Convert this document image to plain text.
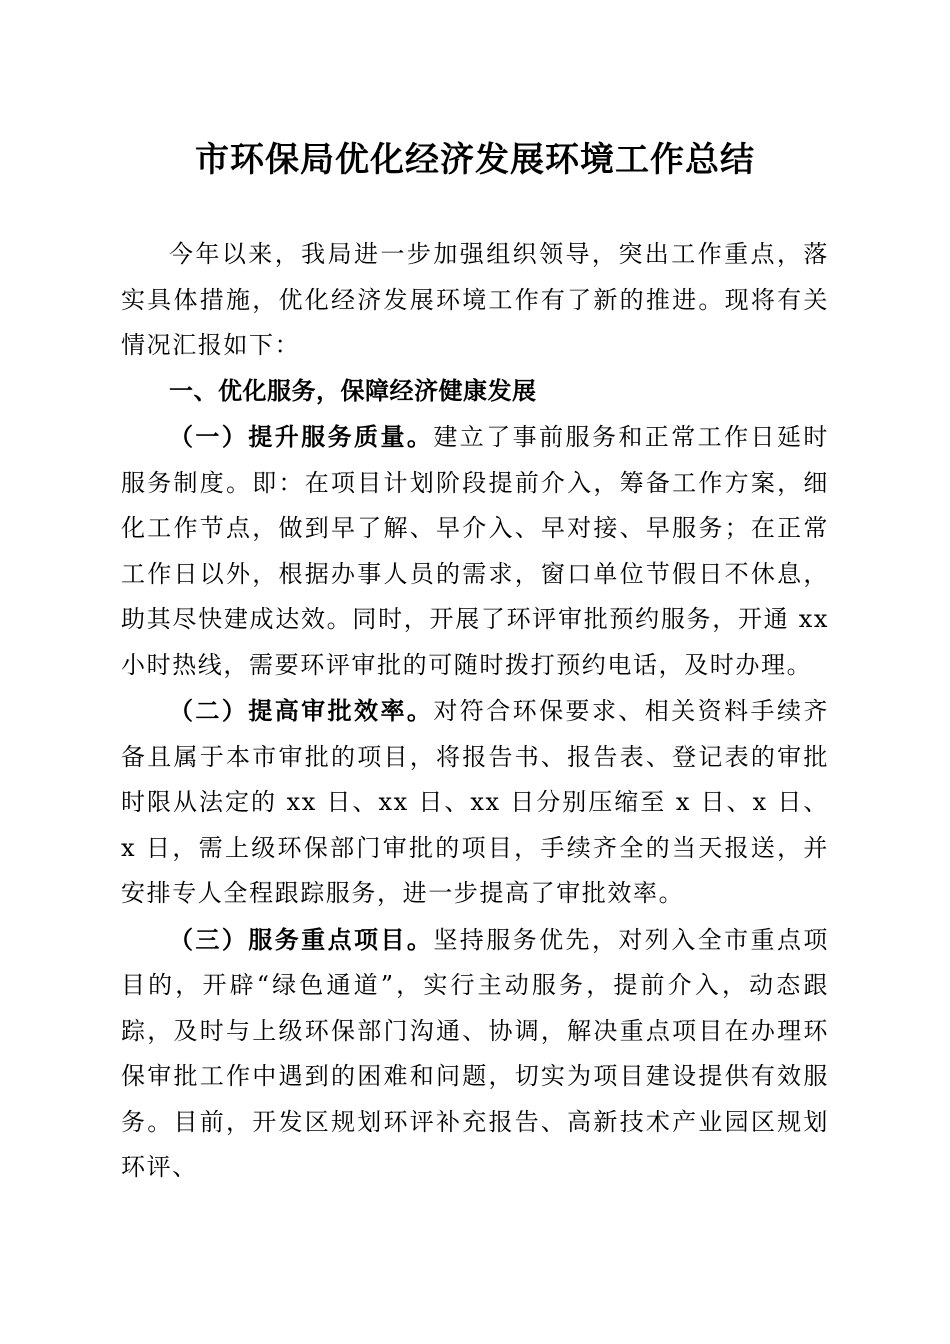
市环保局优化经济发展环境工作总结

今年以来，我局进一步加强组织领导，突出工作重点，落实具体措施，优化经济发展环境工作有了新的推进。现将有关情况汇报如下：

一、优化服务，保障经济健康发展

（一）提升服务质量。建立了事前服务和正常工作日延时服务制度。即：在项目计划阶段提前介入，筹备工作方案，细化工作节点，做到早了解、早介入、早对接、早服务；在正常工作日以外，根据办事人员的需求，窗口单位节假日不休息，助其尽快建成达效。同时，开展了环评审批预约服务，开通 xx 小时热线，需要环评审批的可随时拨打预约电话，及时办理。

（二）提高审批效率。对符合环保要求、相关资料手续齐备且属于本市审批的项目，将报告书、报告表、登记表的审批时限从法定的 xx 日、xx 日、xx 日分别压缩至 x 日、x 日、x 日，需上级环保部门审批的项目，手续齐全的当天报送，并安排专人全程跟踪服务，进一步提高了审批效率。

（三）服务重点项目。坚持服务优先，对列入全市重点项目的，开辟“绿色通道”，实行主动服务，提前介入，动态跟踪，及时与上级环保部门沟通、协调，解决重点项目在办理环保审批工作中遇到的困难和问题，切实为项目建设提供有效服务。目前，开发区规划环评补充报告、高新技术产业园区规划环评、
